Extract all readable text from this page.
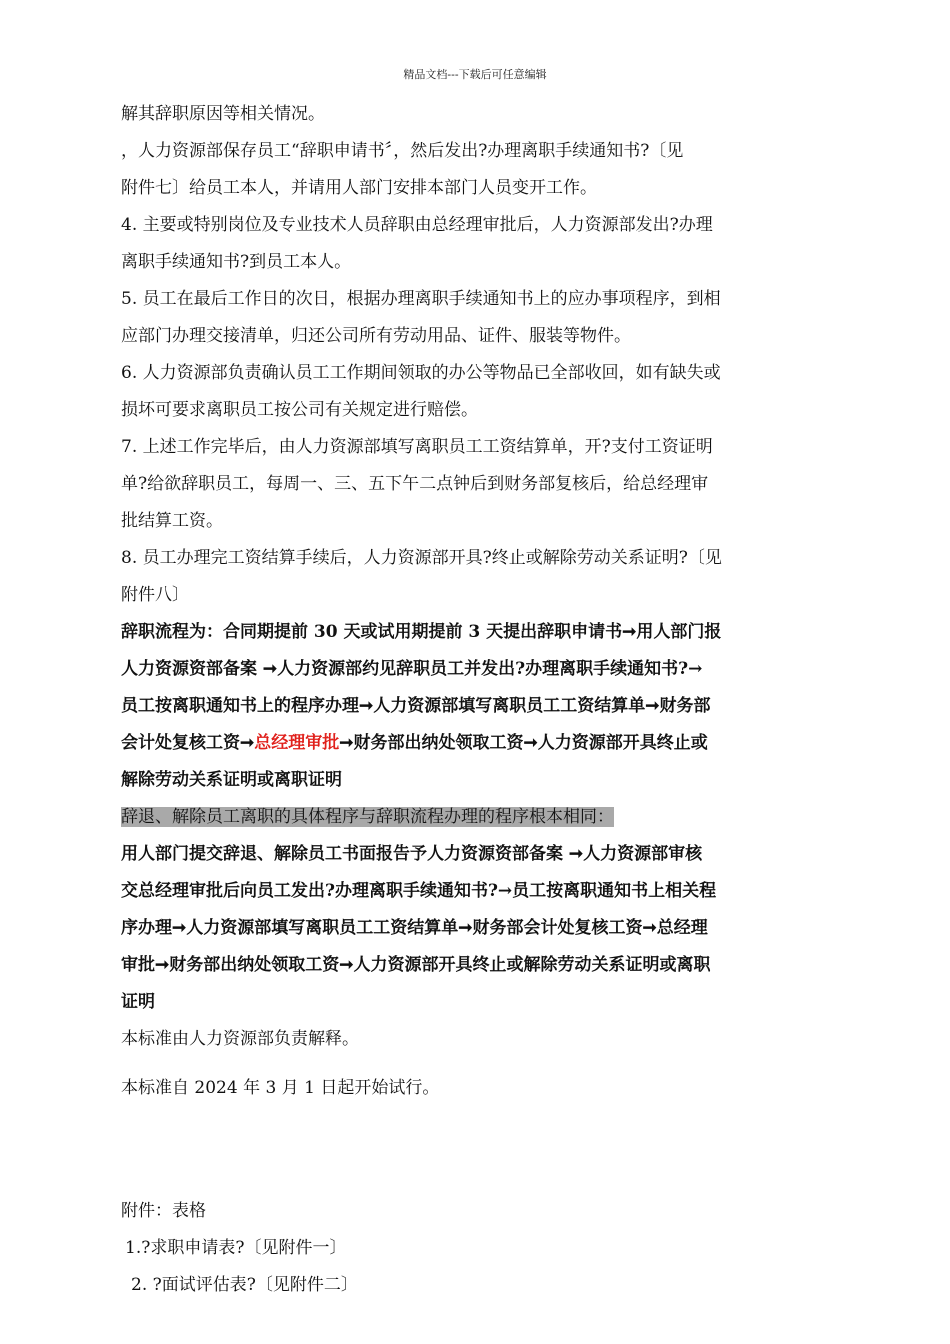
精品文档---下载后可任意编辑
解其辞职原因等相关情况。
，人力资源部保存员工“辞职申请书〞，然后发出?办理离职手续通知书?〔见
附件七〕给员工本人，并请用人部门安排本部门人员变开工作。
4. 主要或特别岗位及专业技术人员辞职由总经理审批后，人力资源部发出?办理
离职手续通知书?到员工本人。
5. 员工在最后工作日的次日，根据办理离职手续通知书上的应办事项程序，到相
应部门办理交接清单，归还公司所有劳动用品、证件、服装等物件。
6. 人力资源部负责确认员工工作期间领取的办公等物品已全部收回，如有缺失或
损坏可要求离职员工按公司有关规定进行赔偿。
7. 上述工作完毕后，由人力资源部填写离职员工工资结算单，开?支付工资证明
单?给欲辞职员工，每周一、三、五下午二点钟后到财务部复核后，给总经理审
批结算工资。
8. 员工办理完工资结算手续后，人力资源部开具?终止或解除劳动关系证明?〔见
附件八〕
辞职流程为：合同期提前 30 天或试用期提前 3 天提出辞职申请书➞用人部门报
人力资源资部备案 ➞人力资源部约见辞职员工并发出?办理离职手续通知书?→
员工按离职通知书上的程序办理➞人力资源部填写离职员工工资结算单➞财务部
会计处复核工资➞总经理审批➞财务部出纳处领取工资➞人力资源部开具终止或
解除劳动关系证明或离职证明
辞退、解除员工离职的具体程序与辞职流程办理的程序根本相同：
用人部门提交辞退、解除员工书面报告予人力资源资部备案 ➞人力资源部审核
交总经理审批后向员工发出?办理离职手续通知书?→员工按离职通知书上相关程
序办理➞人力资源部填写离职员工工资结算单➞财务部会计处复核工资➞总经理
审批➞财务部出纳处领取工资➞人力资源部开具终止或解除劳动关系证明或离职
证明
本标准由人力资源部负责解释。
本标准自 2024 年 3 月 1 日起开始试行。
附件：表格
1.?求职申请表?〔见附件一〕
2. ?面试评估表?〔见附件二〕
